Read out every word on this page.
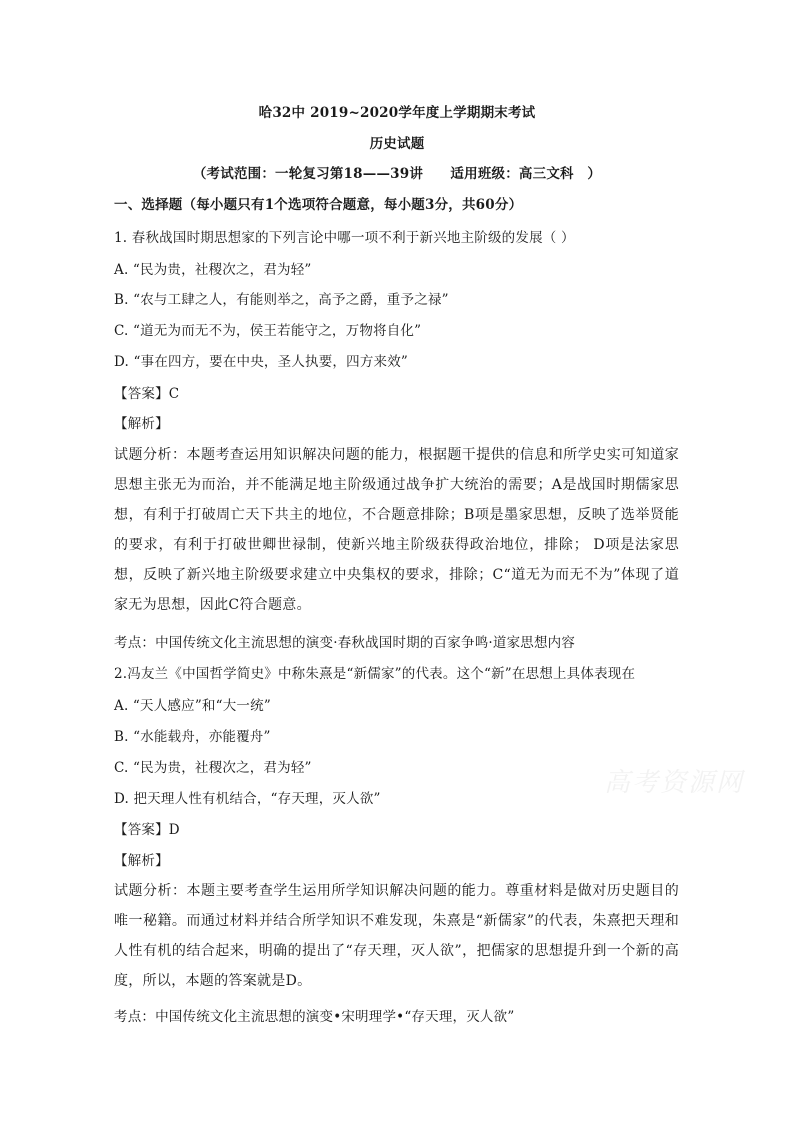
哈32中 2019~2020学年度上学期期末考试
历史试题
（考试范围：一轮复习第18——39讲　　适用班级：高三文科　）
一、选择题（每小题只有1个选项符合题意，每小题3分，共60分）
1. 春秋战国时期思想家的下列言论中哪一项不利于新兴地主阶级的发展（ ）
A. “民为贵，社稷次之，君为轻”
B. “农与工肆之人，有能则举之，高予之爵，重予之禄”
C. “道无为而无不为，侯王若能守之，万物将自化”
D. “事在四方，要在中央，圣人执要，四方来效”
【答案】C
【解析】
试题分析：本题考查运用知识解决问题的能力，根据题干提供的信息和所学史实可知道家思想主张无为而治，并不能满足地主阶级通过战争扩大统治的需要；A是战国时期儒家思想，有利于打破周亡天下共主的地位，不合题意排除；B项是墨家思想，反映了选举贤能的要求，有利于打破世卿世禄制，使新兴地主阶级获得政治地位，排除； D项是法家思想，反映了新兴地主阶级要求建立中央集权的要求，排除；C“道无为而无不为”体现了道家无为思想，因此C符合题意。
考点：中国传统文化主流思想的演变·春秋战国时期的百家争鸣·道家思想内容
2.冯友兰《中国哲学简史》中称朱熹是“新儒家”的代表。这个“新”在思想上具体表现在
A. “天人感应”和“大一统”
B. “水能载舟，亦能覆舟”
C. “民为贵，社稷次之，君为轻”
D. 把天理人性有机结合，“存天理，灭人欲”
【答案】D
【解析】
试题分析：本题主要考查学生运用所学知识解决问题的能力。尊重材料是做对历史题目的唯一秘籍。而通过材料并结合所学知识不难发现，朱熹是“新儒家”的代表，朱熹把天理和人性有机的结合起来，明确的提出了“存天理，灭人欲”，把儒家的思想提升到一个新的高度，所以，本题的答案就是D。
考点：中国传统文化主流思想的演变•宋明理学•“存天理，灭人欲”
高考资源网
